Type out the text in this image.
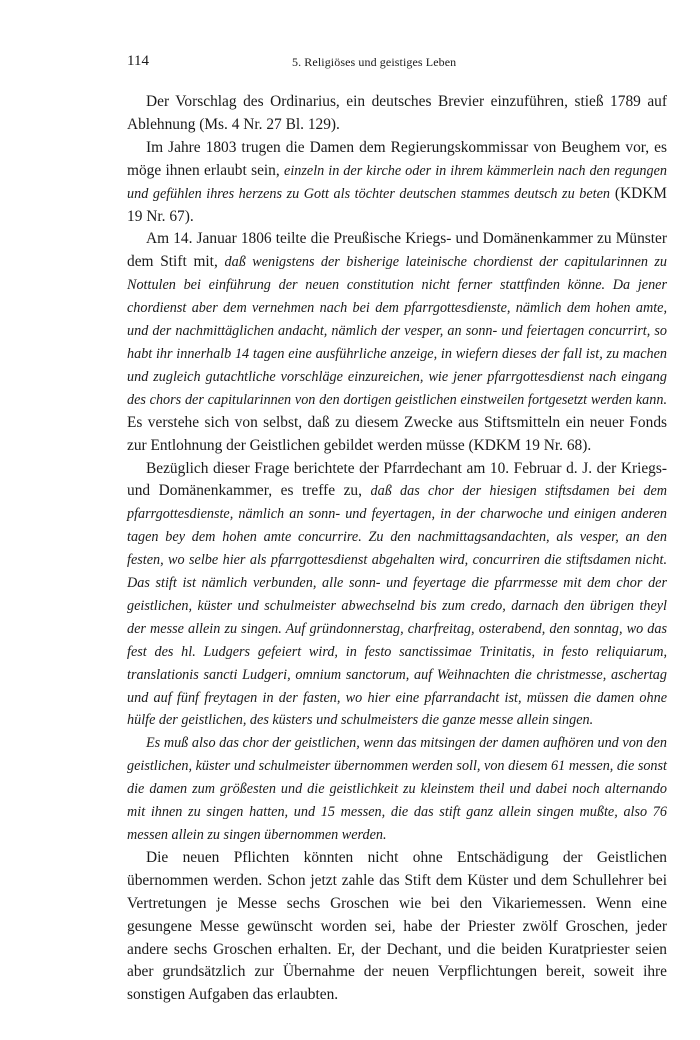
114	5. Religiöses und geistiges Leben

Der Vorschlag des Ordinarius, ein deutsches Brevier einzuführen, stieß 1789 auf Ablehnung (Ms. 4 Nr. 27 Bl. 129).

Im Jahre 1803 trugen die Damen dem Regierungskommissar von Beughem vor, es möge ihnen erlaubt sein, einzeln in der kirche oder in ihrem kämmerlein nach den regungen und gefühlen ihres herzens zu Gott als töchter deutschen stammes deutsch zu beten (KDKM 19 Nr. 67).

Am 14. Januar 1806 teilte die Preußische Kriegs- und Domänenkammer zu Münster dem Stift mit, daß wenigstens der bisherige lateinische chordienst der capitularinnen zu Nottulen bei einführung der neuen constitution nicht ferner stattfinden könne. Da jener chordienst aber dem vernehmen nach bei dem pfarrgottesdienste, nämlich dem hohen amte, und der nachmittäglichen andacht, nämlich der vesper, an sonn- und feiertagen concurrirt, so habt ihr innerhalb 14 tagen eine ausführliche anzeige, in wiefern dieses der fall ist, zu machen und zugleich gutachtliche vorschläge einzureichen, wie jener pfarrgottesdienst nach eingang des chors der capitularinnen von den dortigen geistlichen einstweilen fortgesetzt werden kann. Es verstehe sich von selbst, daß zu diesem Zwecke aus Stiftsmitteln ein neuer Fonds zur Entlohnung der Geistlichen gebildet werden müsse (KDKM 19 Nr. 68).

Bezüglich dieser Frage berichtete der Pfarrdechant am 10. Februar d. J. der Kriegs- und Domänenkammer, es treffe zu, daß das chor der hiesigen stiftsdamen bei dem pfarrgottesdienste, nämlich an sonn- und feyertagen, in der charwoche und einigen anderen tagen bey dem hohen amte concurrire. Zu den nachmittagsandachten, als vesper, an den festen, wo selbe hier als pfarrgottesdienst abgehalten wird, concurriren die stiftsdamen nicht. Das stift ist nämlich verbunden, alle sonn- und feyertage die pfarrmesse mit dem chor der geistlichen, küster und schulmeister abwechselnd bis zum credo, darnach den übrigen theyl der messe allein zu singen. Auf gründonnerstag, charfreitag, osterabend, den sonntag, wo das fest des hl. Ludgers gefeiert wird, in festo sanctissimae Trinitatis, in festo reliquiarum, translationis sancti Ludgeri, omnium sanctorum, auf Weihnachten die christmesse, aschertag und auf fünf freytagen in der fasten, wo hier eine pfarrandacht ist, müssen die damen ohne hülfe der geistlichen, des küsters und schulmeisters die ganze messe allein singen.

Es muß also das chor der geistlichen, wenn das mitsingen der damen aufhören und von den geistlichen, küster und schulmeister übernommen werden soll, von diesem 61 messen, die sonst die damen zum größesten und die geistlichkeit zu kleinstem theil und dabei noch alternando mit ihnen zu singen hatten, und 15 messen, die das stift ganz allein singen mußte, also 76 messen allein zu singen übernommen werden.

Die neuen Pflichten könnten nicht ohne Entschädigung der Geistlichen übernommen werden. Schon jetzt zahle das Stift dem Küster und dem Schullehrer bei Vertretungen je Messe sechs Groschen wie bei den Vikariemessen. Wenn eine gesungene Messe gewünscht worden sei, habe der Priester zwölf Groschen, jeder andere sechs Groschen erhalten. Er, der Dechant, und die beiden Kuratpriester seien aber grundsätzlich zur Übernahme der neuen Verpflichtungen bereit, soweit ihre sonstigen Aufgaben das erlaubten.
